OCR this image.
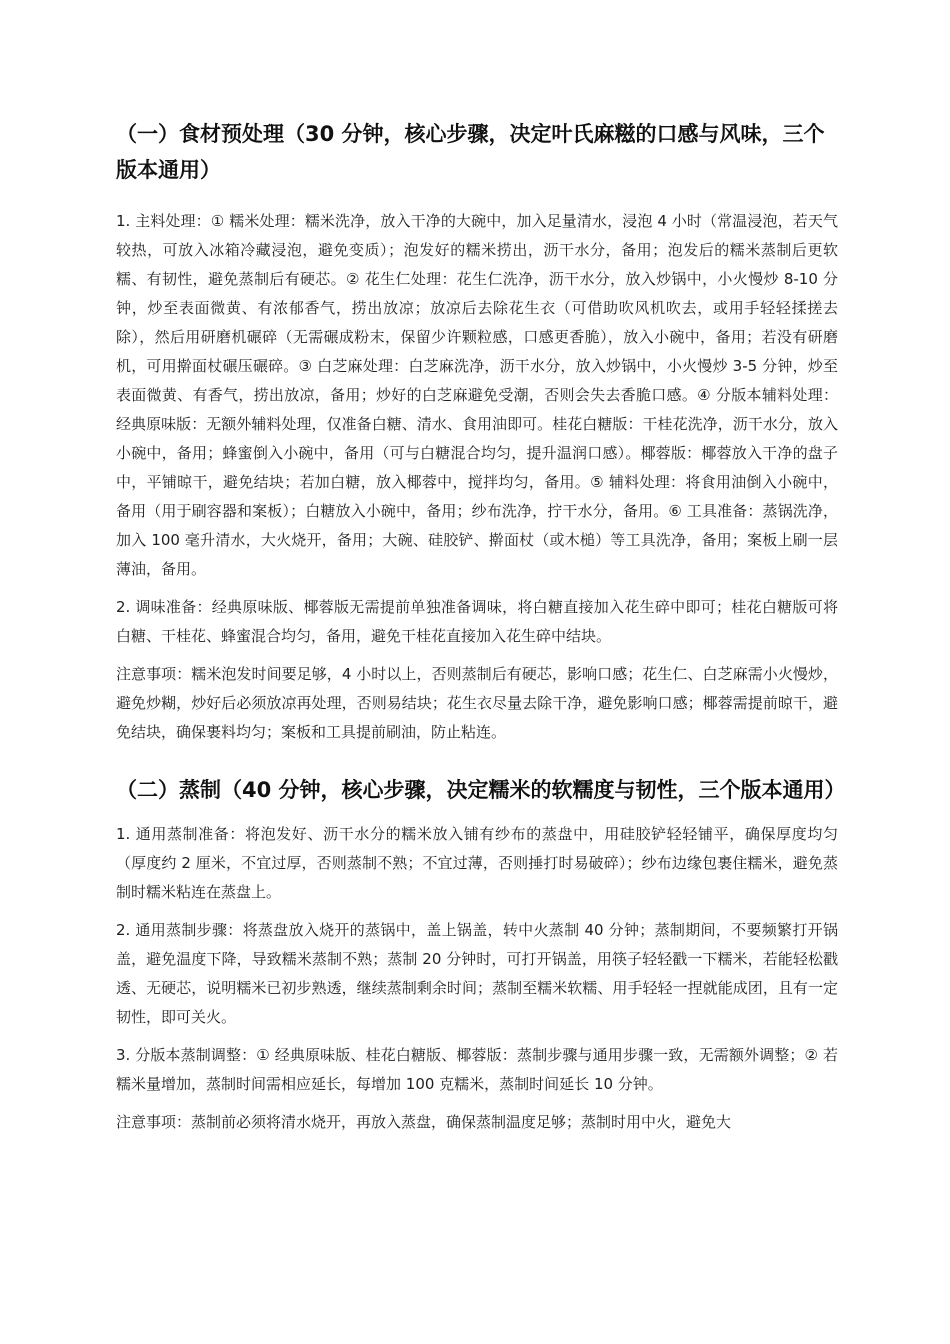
（一）食材预处理（30 分钟，核心步骤，决定叶氏麻糍的口感与风味，三个版本通用）

1. 主料处理：① 糯米处理：糯米洗净，放入干净的大碗中，加入足量清水，浸泡 4 小时（常温浸泡，若天气较热，可放入冰箱冷藏浸泡，避免变质）；泡发好的糯米捞出，沥干水分，备用；泡发后的糯米蒸制后更软糯、有韧性，避免蒸制后有硬芯。② 花生仁处理：花生仁洗净，沥干水分，放入炒锅中，小火慢炒 8-10 分钟，炒至表面微黄、有浓郁香气，捞出放凉；放凉后去除花生衣（可借助吹风机吹去，或用手轻轻揉搓去除），然后用研磨机碾碎（无需碾成粉末，保留少许颗粒感，口感更香脆），放入小碗中，备用；若没有研磨机，可用擀面杖碾压碾碎。③ 白芝麻处理：白芝麻洗净，沥干水分，放入炒锅中，小火慢炒 3-5 分钟，炒至表面微黄、有香气，捞出放凉，备用；炒好的白芝麻避免受潮，否则会失去香脆口感。④ 分版本辅料处理：经典原味版：无额外辅料处理，仅准备白糖、清水、食用油即可。桂花白糖版：干桂花洗净，沥干水分，放入小碗中，备用；蜂蜜倒入小碗中，备用（可与白糖混合均匀，提升温润口感）。椰蓉版：椰蓉放入干净的盘子中，平铺晾干，避免结块；若加白糖，放入椰蓉中，搅拌均匀，备用。⑤ 辅料处理：将食用油倒入小碗中，备用（用于刷容器和案板）；白糖放入小碗中，备用；纱布洗净，拧干水分，备用。⑥ 工具准备：蒸锅洗净，加入 100 毫升清水，大火烧开，备用；大碗、硅胶铲、擀面杖（或木槌）等工具洗净，备用；案板上刷一层薄油，备用。

2. 调味准备：经典原味版、椰蓉版无需提前单独准备调味，将白糖直接加入花生碎中即可；桂花白糖版可将白糖、干桂花、蜂蜜混合均匀，备用，避免干桂花直接加入花生碎中结块。

注意事项：糯米泡发时间要足够，4 小时以上，否则蒸制后有硬芯，影响口感；花生仁、白芝麻需小火慢炒，避免炒糊，炒好后必须放凉再处理，否则易结块；花生衣尽量去除干净，避免影响口感；椰蓉需提前晾干，避免结块，确保裹料均匀；案板和工具提前刷油，防止粘连。

（二）蒸制（40 分钟，核心步骤，决定糯米的软糯度与韧性，三个版本通用）

1. 通用蒸制准备：将泡发好、沥干水分的糯米放入铺有纱布的蒸盘中，用硅胶铲轻轻铺平，确保厚度均匀（厚度约 2 厘米，不宜过厚，否则蒸制不熟；不宜过薄，否则捶打时易破碎）；纱布边缘包裹住糯米，避免蒸制时糯米粘连在蒸盘上。

2. 通用蒸制步骤：将蒸盘放入烧开的蒸锅中，盖上锅盖，转中火蒸制 40 分钟；蒸制期间，不要频繁打开锅盖，避免温度下降，导致糯米蒸制不熟；蒸制 20 分钟时，可打开锅盖，用筷子轻轻戳一下糯米，若能轻松戳透、无硬芯，说明糯米已初步熟透，继续蒸制剩余时间；蒸制至糯米软糯、用手轻轻一捏就能成团，且有一定韧性，即可关火。

3. 分版本蒸制调整：① 经典原味版、桂花白糖版、椰蓉版：蒸制步骤与通用步骤一致，无需额外调整；② 若糯米量增加，蒸制时间需相应延长，每增加 100 克糯米，蒸制时间延长 10 分钟。

注意事项：蒸制前必须将清水烧开，再放入蒸盘，确保蒸制温度足够；蒸制时用中火，避免大
